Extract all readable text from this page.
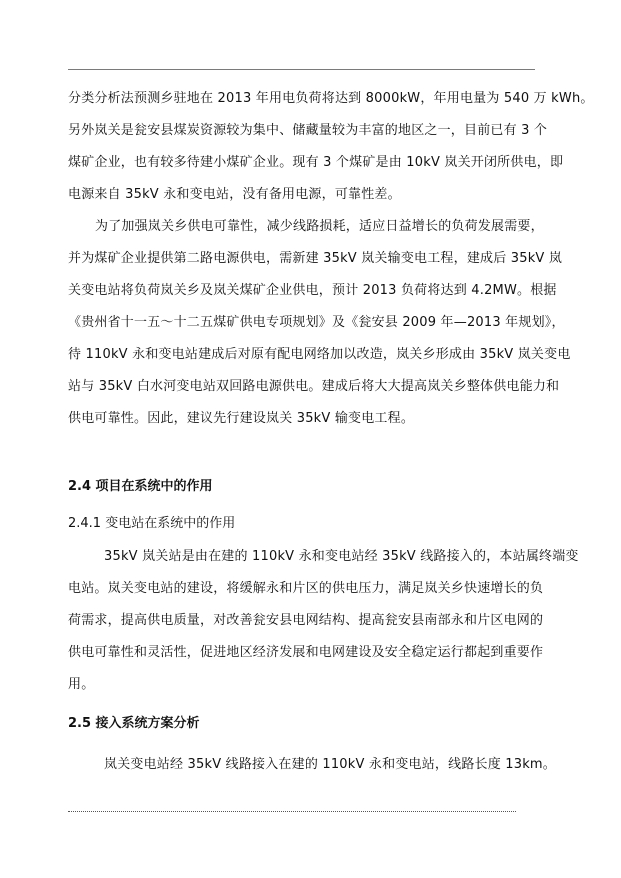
分类分析法预测乡驻地在 2013 年用电负荷将达到 8000kW，年用电量为 540 万 kWh。
另外岚关是瓮安县煤炭资源较为集中、储藏量较为丰富的地区之一，目前已有 3 个
煤矿企业，也有较多待建小煤矿企业。现有 3 个煤矿是由 10kV 岚关开闭所供电，即
电源来自 35kV 永和变电站，没有备用电源，可靠性差。
为了加强岚关乡供电可靠性，减少线路损耗，适应日益增长的负荷发展需要，
并为煤矿企业提供第二路电源供电，需新建 35kV 岚关输变电工程，建成后 35kV 岚
关变电站将负荷岚关乡及岚关煤矿企业供电，预计 2013 负荷将达到 4.2MW。根据
《贵州省十一五～十二五煤矿供电专项规划》及《瓮安县 2009 年—2013 年规划》，
待 110kV 永和变电站建成后对原有配电网络加以改造，岚关乡形成由 35kV 岚关变电
站与 35kV 白水河变电站双回路电源供电。建成后将大大提高岚关乡整体供电能力和
供电可靠性。因此，建议先行建设岚关 35kV 输变电工程。
2.4 项目在系统中的作用
2.4.1 变电站在系统中的作用
35kV 岚关站是由在建的 110kV 永和变电站经 35kV 线路接入的，本站属终端变
电站。岚关变电站的建设，将缓解永和片区的供电压力，满足岚关乡快速增长的负
荷需求，提高供电质量，对改善瓮安县电网结构、提高瓮安县南部永和片区电网的
供电可靠性和灵活性，促进地区经济发展和电网建设及安全稳定运行都起到重要作
用。
2.5 接入系统方案分析
岚关变电站经 35kV 线路接入在建的 110kV 永和变电站，线路长度 13km。
